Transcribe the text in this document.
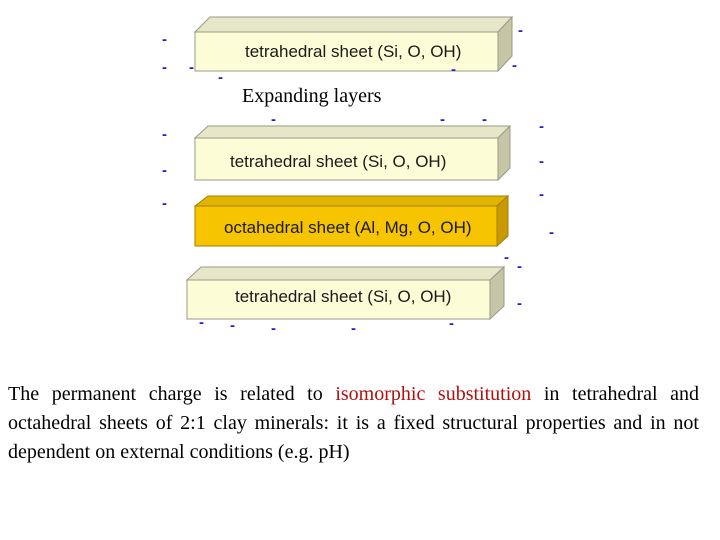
tetrahedral sheet (Si, O, OH)
tetrahedral sheet (Si, O, OH)
octahedral sheet (Al, Mg, O, OH)
tetrahedral sheet (Si, O, OH)
-
-
- -
-	-	-
-	- -	-
-
-
-
-
-
-
-
-
-
- - -	-	-
Expanding layers

The permanent charge is related to isomorphic substitution in tetrahedral and octahedral sheets of 2:1 clay minerals: it is a fixed structural properties and in not dependent on external conditions (e.g. pH)
